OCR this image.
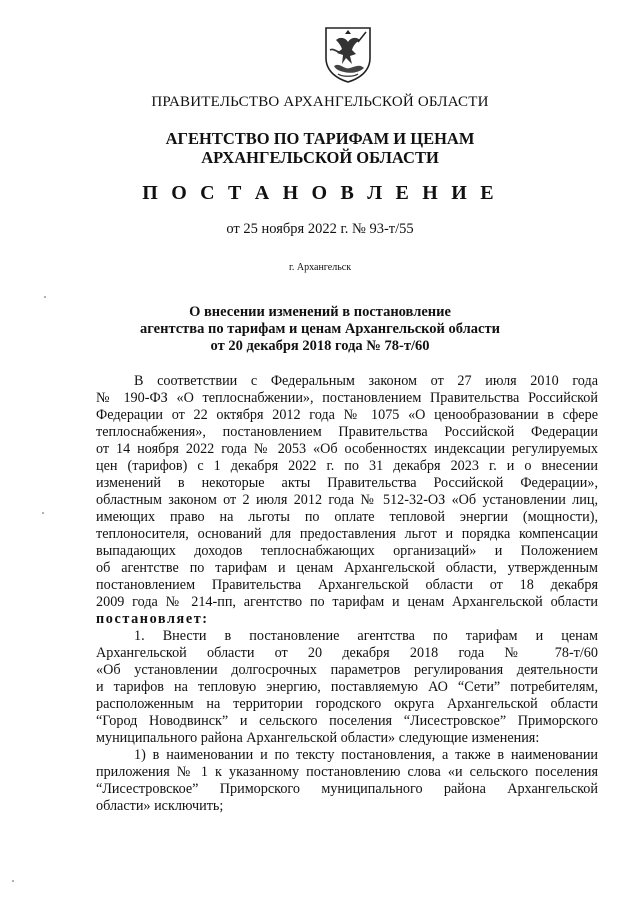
ПРАВИТЕЛЬСТВО АРХАНГЕЛЬСКОЙ ОБЛАСТИ
АГЕНТСТВО ПО ТАРИФАМ И ЦЕНАМ
АРХАНГЕЛЬСКОЙ ОБЛАСТИ
П О С Т А Н О В Л Е Н И Е
от 25 ноября 2022 г. № 93-т/55
г. Архангельск
О внесении изменений в постановление
агентства по тарифам и ценам Архангельской области
от 20 декабря 2018 года № 78-т/60
В соответствии с Федеральным законом от 27 июля 2010 года
№ 190-ФЗ «О теплоснабжении», постановлением Правительства Российской
Федерации от 22 октября 2012 года № 1075 «О ценообразовании в сфере
теплоснабжения», постановлением Правительства Российской Федерации
от 14 ноября 2022 года № 2053 «Об особенностях индексации регулируемых
цен (тарифов) с 1 декабря 2022 г. по 31 декабря 2023 г. и о внесении
изменений в некоторые акты Правительства Российской Федерации»,
областным законом от 2 июля 2012 года № 512-32-ОЗ «Об установлении лиц,
имеющих право на льготы по оплате тепловой энергии (мощности),
теплоносителя, оснований для предоставления льгот и порядка компенсации
выпадающих доходов теплоснабжающих организаций» и Положением
об агентстве по тарифам и ценам Архангельской области, утвержденным
постановлением Правительства Архангельской области от 18 декабря
2009 года № 214-пп, агентство по тарифам и ценам Архангельской области
постановляет:
1. Внести в постановление агентства по тарифам и ценам
Архангельской области от 20 декабря 2018 года № 78-т/60
«Об установлении долгосрочных параметров регулирования деятельности
и тарифов на тепловую энергию, поставляемую АО “Сети” потребителям,
расположенным на территории городского округа Архангельской области
“Город Новодвинск” и сельского поселения “Лисестровское” Приморского
муниципального района Архангельской области» следующие изменения:
1) в наименовании и по тексту постановления, а также в наименовании
приложения № 1 к указанному постановлению слова «и сельского поселения
“Лисестровское” Приморского муниципального района Архангельской
области» исключить;
